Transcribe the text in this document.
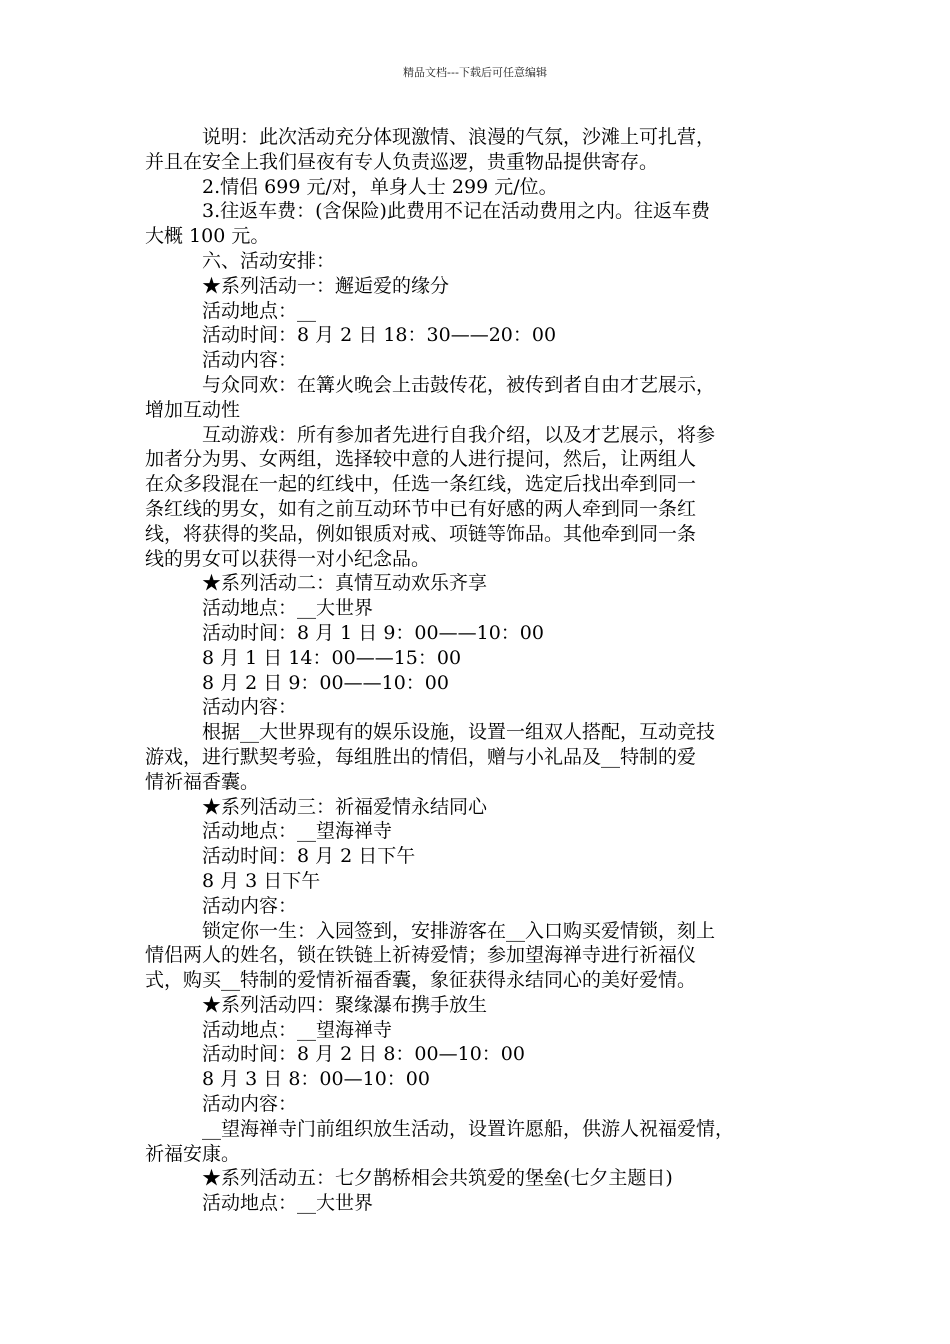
精品文档---下载后可任意编辑

说明：此次活动充分体现激情、浪漫的气氛，沙滩上可扎营，

并且在安全上我们昼夜有专人负责巡逻，贵重物品提供寄存。

2.情侣 699 元/对，单身人士 299 元/位。

3.往返车费：(含保险)此费用不记在活动费用之内。往返车费

大概 100 元。

六、活动安排：

★系列活动一：邂逅爱的缘分

活动地点：__

活动时间：8 月 2 日 18：30——20：00

活动内容：

与众同欢：在篝火晚会上击鼓传花，被传到者自由才艺展示，

增加互动性

互动游戏：所有参加者先进行自我介绍，以及才艺展示，将参

加者分为男、女两组，选择较中意的人进行提问，然后，让两组人

在众多段混在一起的红线中，任选一条红线，选定后找出牵到同一

条红线的男女，如有之前互动环节中已有好感的两人牵到同一条红

线，将获得的奖品，例如银质对戒、项链等饰品。其他牵到同一条

线的男女可以获得一对小纪念品。

★系列活动二：真情互动欢乐齐享

活动地点：__大世界

活动时间：8 月 1 日 9：00——10：00

8 月 1 日 14：00——15：00

8 月 2 日 9：00——10：00

活动内容：

根据__大世界现有的娱乐设施，设置一组双人搭配，互动竞技

游戏，进行默契考验，每组胜出的情侣，赠与小礼品及__特制的爱

情祈福香囊。

★系列活动三：祈福爱情永结同心

活动地点：__望海禅寺

活动时间：8 月 2 日下午

8 月 3 日下午

活动内容：

锁定你一生：入园签到，安排游客在__入口购买爱情锁，刻上

情侣两人的姓名，锁在铁链上祈祷爱情；参加望海禅寺进行祈福仪

式，购买__特制的爱情祈福香囊，象征获得永结同心的美好爱情。

★系列活动四：聚缘瀑布携手放生

活动地点：__望海禅寺

活动时间：8 月 2 日 8：00—10：00

8 月 3 日 8：00—10：00

活动内容：

__望海禅寺门前组织放生活动，设置许愿船，供游人祝福爱情，

祈福安康。

★系列活动五：七夕鹊桥相会共筑爱的堡垒(七夕主题日)

活动地点：__大世界
